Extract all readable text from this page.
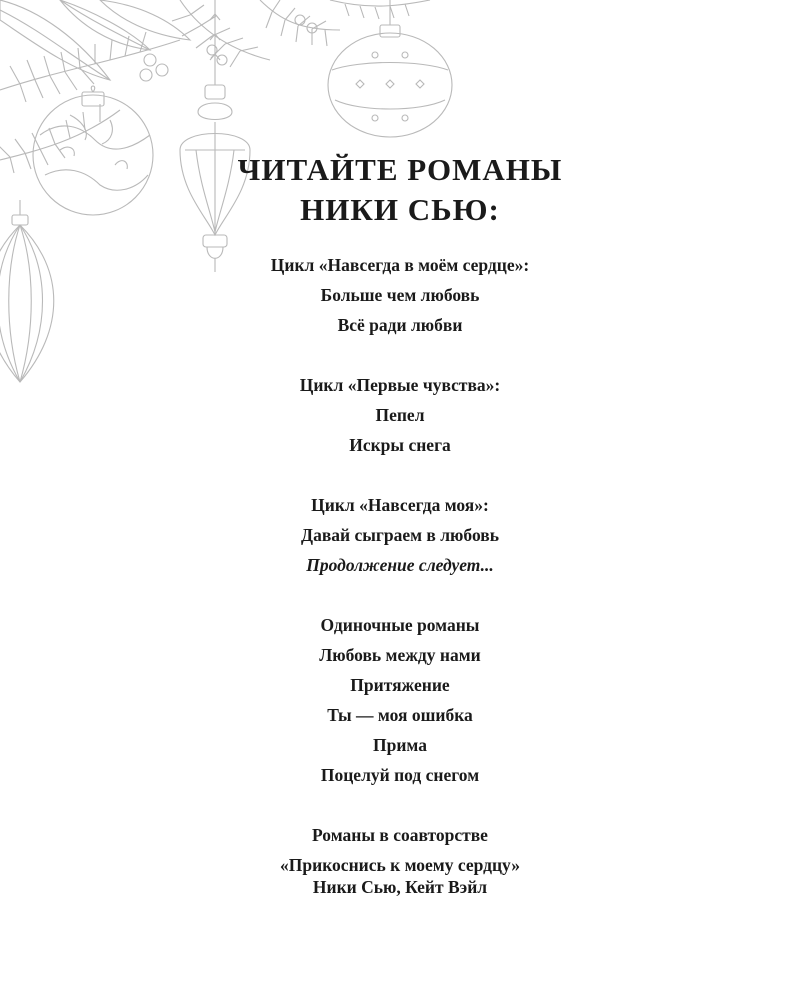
ЧИТАЙТЕ РОМАНЫ
НИКИ СЬЮ:
Цикл «Навсегда в моём сердце»:
Больше чем любовь
Всё ради любви
Цикл «Первые чувства»:
Пепел
Искры снега
Цикл «Навсегда моя»:
Давай сыграем в любовь
Продолжение следует...
Одиночные романы
Любовь между нами
Притяжение
Ты — моя ошибка
Прима
Поцелуй под снегом
Романы в соавторстве
«Прикоснись к моему сердцу»
Ники Сью, Кейт Вэйл
